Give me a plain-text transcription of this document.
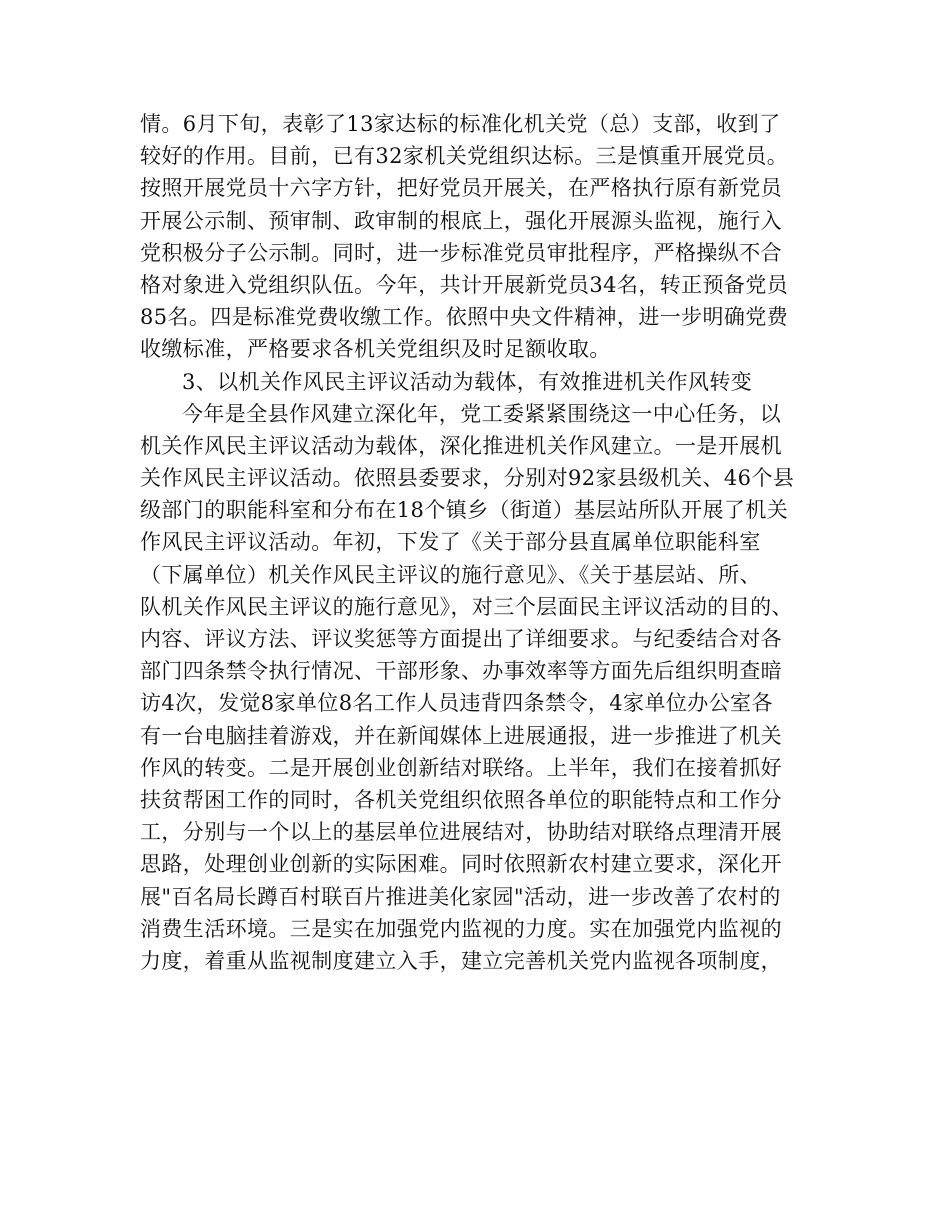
情。6月下旬，表彰了13家达标的标准化机关党（总）支部，收到了
较好的作用。目前，已有32家机关党组织达标。三是慎重开展党员。
按照开展党员十六字方针，把好党员开展关，在严格执行原有新党员
开展公示制、预审制、政审制的根底上，强化开展源头监视，施行入
党积极分子公示制。同时，进一步标准党员审批程序，严格操纵不合
格对象进入党组织队伍。今年，共计开展新党员34名，转正预备党员
85名。四是标准党费收缴工作。依照中央文件精神，进一步明确党费
收缴标准，严格要求各机关党组织及时足额收取。
3、以机关作风民主评议活动为载体，有效推进机关作风转变
今年是全县作风建立深化年，党工委紧紧围绕这一中心任务，以
机关作风民主评议活动为载体，深化推进机关作风建立。一是开展机
关作风民主评议活动。依照县委要求，分别对92家县级机关、46个县
级部门的职能科室和分布在18个镇乡（街道）基层站所队开展了机关
作风民主评议活动。年初，下发了《关于部分县直属单位职能科室
（下属单位）机关作风民主评议的施行意见》、《关于基层站、所、
队机关作风民主评议的施行意见》，对三个层面民主评议活动的目的、
内容、评议方法、评议奖惩等方面提出了详细要求。与纪委结合对各
部门四条禁令执行情况、干部形象、办事效率等方面先后组织明查暗
访4次，发觉8家单位8名工作人员违背四条禁令，4家单位办公室各
有一台电脑挂着游戏，并在新闻媒体上进展通报，进一步推进了机关
作风的转变。二是开展创业创新结对联络。上半年，我们在接着抓好
扶贫帮困工作的同时，各机关党组织依照各单位的职能特点和工作分
工，分别与一个以上的基层单位进展结对，协助结对联络点理清开展
思路，处理创业创新的实际困难。同时依照新农村建立要求，深化开
展"百名局长蹲百村联百片推进美化家园"活动，进一步改善了农村的
消费生活环境。三是实在加强党内监视的力度。实在加强党内监视的
力度，着重从监视制度建立入手，建立完善机关党内监视各项制度，
